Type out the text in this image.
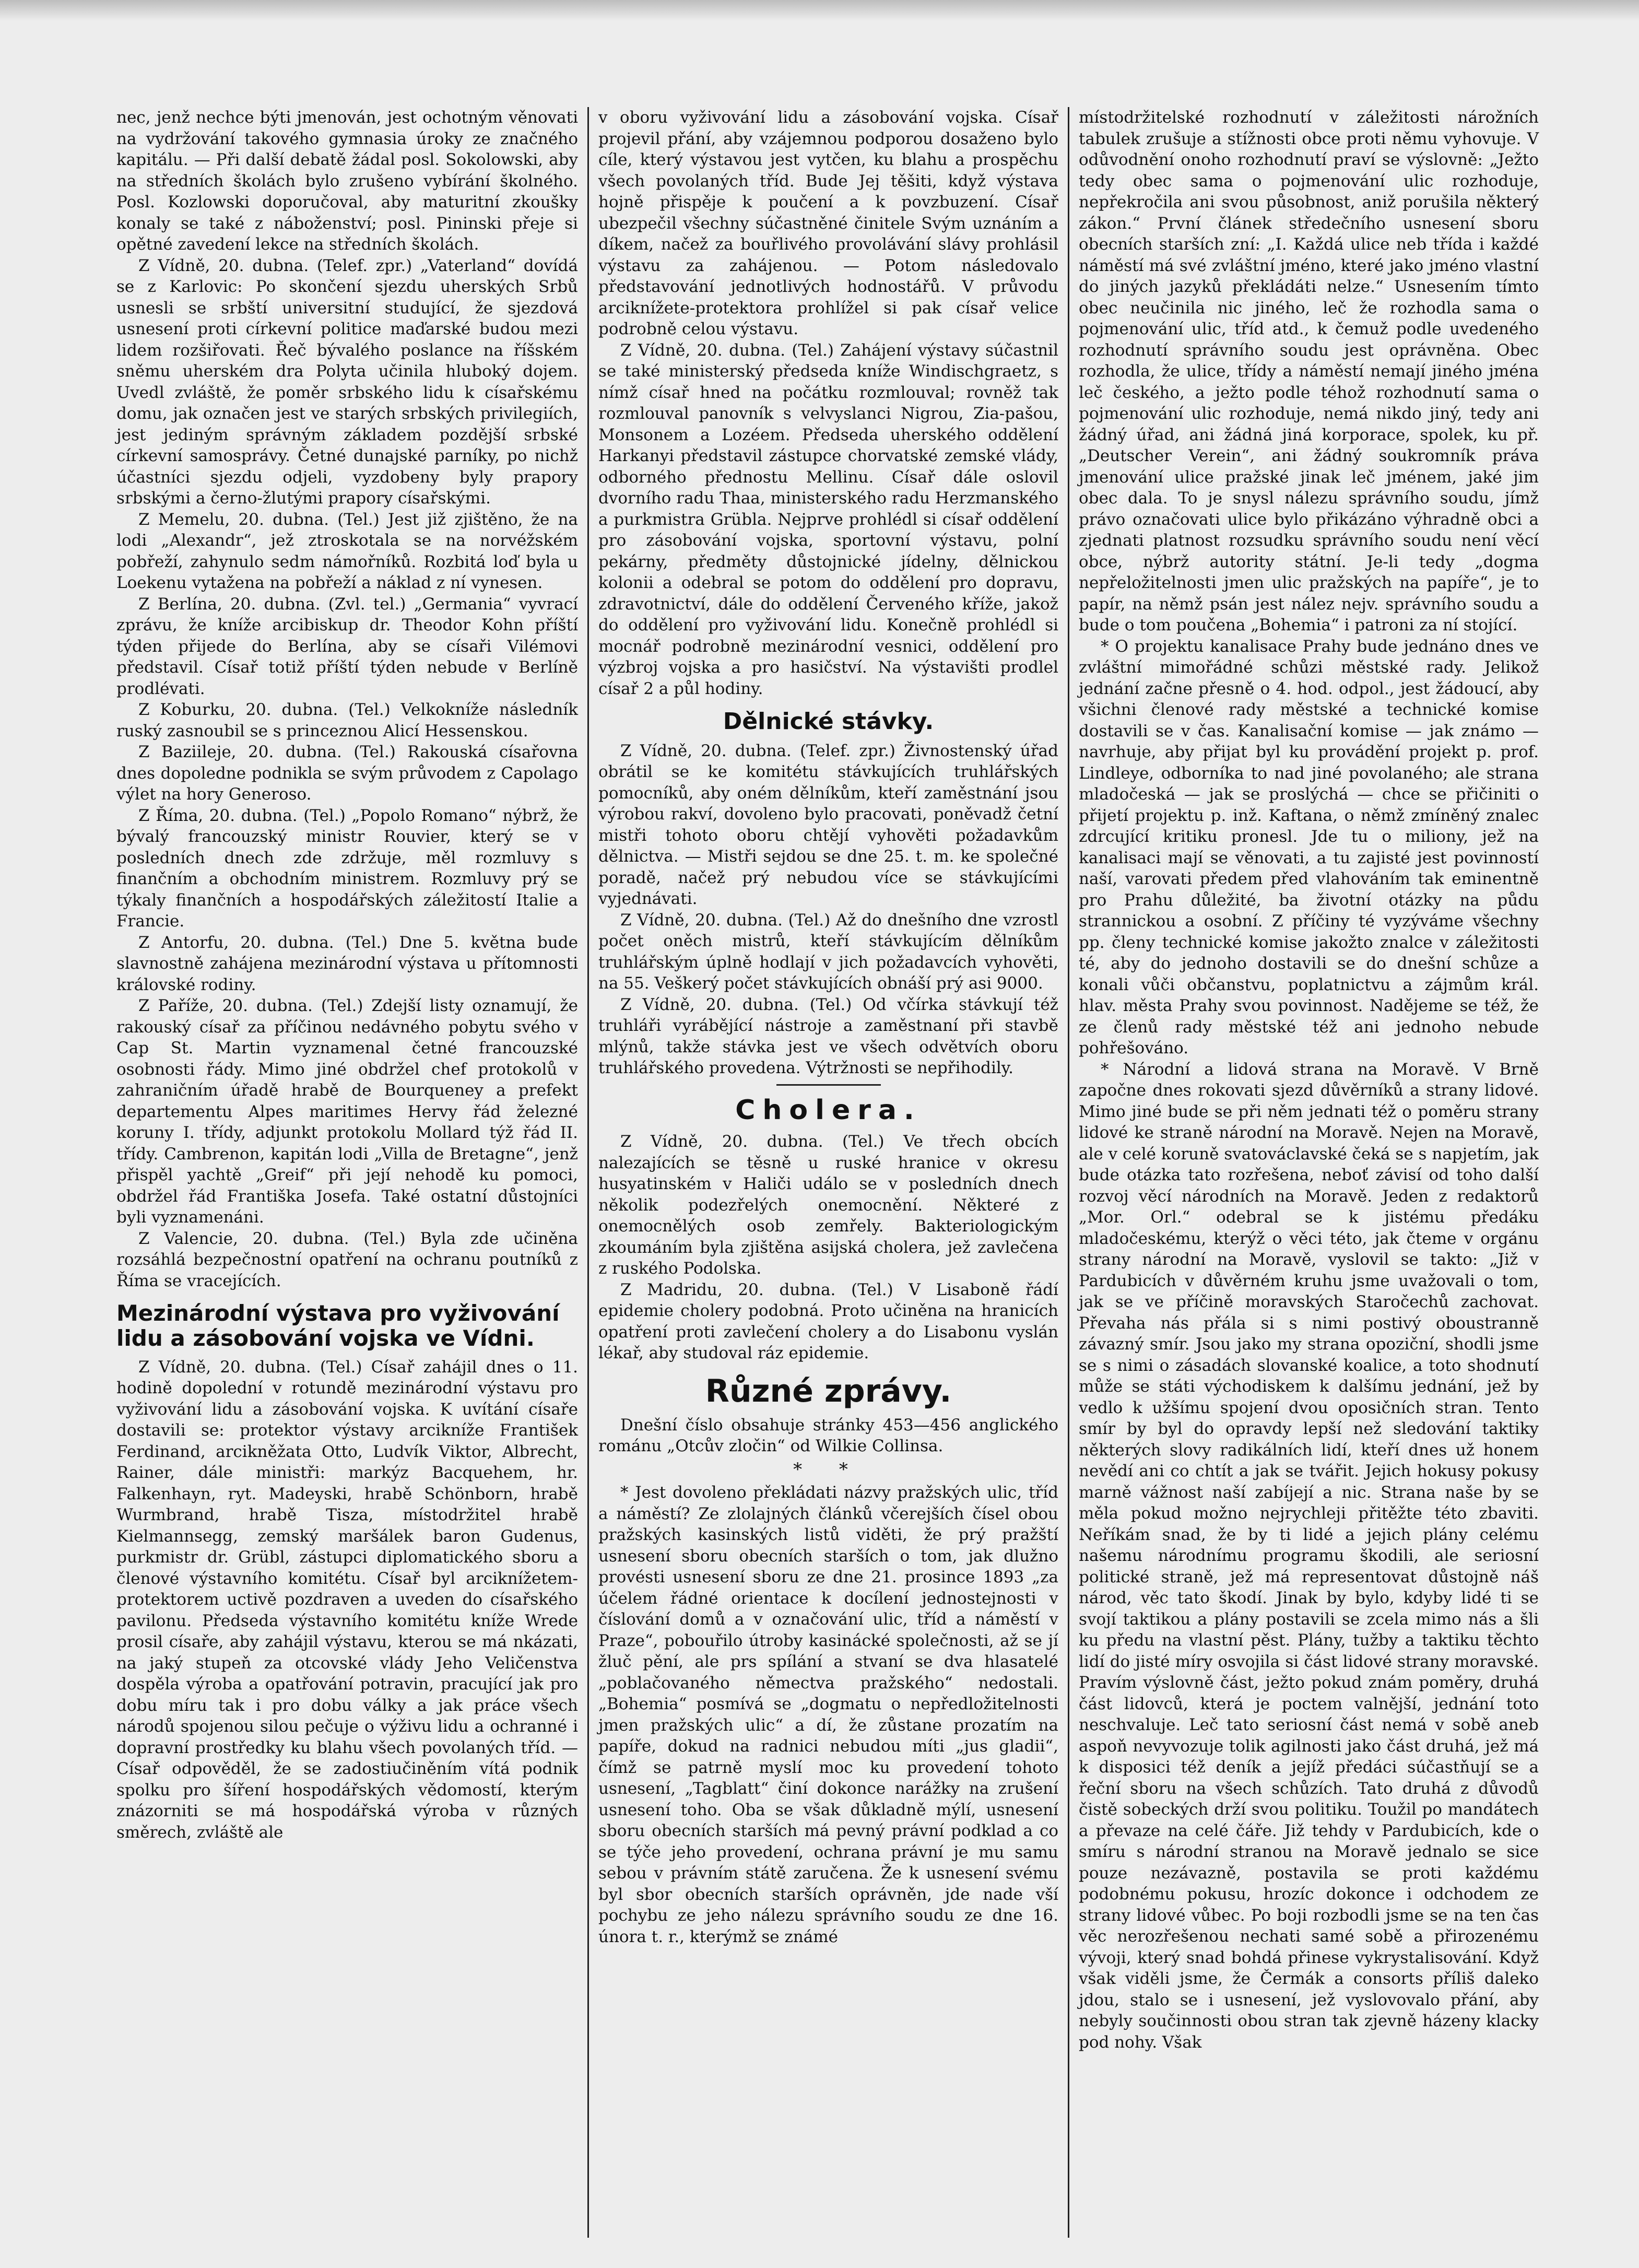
nec, jenž nechce býti jmenován, jest ochotným věnovati na vydržování takového gymnasia úroky ze značného kapitálu. — Při další debatě žádal posl. Sokolowski, aby na středních školách bylo zrušeno vybírání školného. Posl. Kozlowski doporučoval, aby maturitní zkoušky konaly se také z náboženství; posl. Pininski přeje si opětné zavedení lekce na středních školách.

Z Vídně, 20. dubna. (Telef. zpr.) „Vaterland“ dovídá se z Karlovic: Po skončení sjezdu uherských Srbů usnesli se srbští universitní studující, že sjezdová usnesení proti církevní politice maďarské budou mezi lidem rozšiřovati. Řeč bývalého poslance na říšském sněmu uherském dra Polyta učinila hluboký dojem. Uvedl zvláště, že poměr srbského lidu k císařskému domu, jak označen jest ve starých srbských privilegiích, jest jediným správným základem pozdější srbské církevní samosprávy. Četné dunajské parníky, po nichž účastníci sjezdu odjeli, vyzdobeny byly prapory srbskými a černo-žlutými prapory císařskými.

Z Memelu, 20. dubna. (Tel.) Jest již zjištěno, že na lodi „Alexandr“, jež ztroskotala se na norvéžském pobřeží, zahynulo sedm námořníků. Rozbitá loď byla u Loekenu vytažena na pobřeží a náklad z ní vynesen.

Z Berlína, 20. dubna. (Zvl. tel.) „Germania“ vyvrací zprávu, že kníže arcibiskup dr. Theodor Kohn příští týden přijede do Berlína, aby se císaři Vilémovi představil. Císař totiž příští týden nebude v Berlíně prodlévati.

Z Koburku, 20. dubna. (Tel.) Velkokníže následník ruský zasnoubil se s princeznou Alicí Hessenskou.

Z Baziileje, 20. dubna. (Tel.) Rakouská císařovna dnes dopoledne podnikla se svým průvodem z Capolago výlet na hory Generoso.

Z Říma, 20. dubna. (Tel.) „Popolo Romano“ nýbrž, že bývalý francouzský ministr Rouvier, který se v posledních dnech zde zdržuje, měl rozmluvy s finančním a obchodním ministrem. Rozmluvy prý se týkaly finančních a hospodářských záležitostí Italie a Francie.

Z Antorfu, 20. dubna. (Tel.) Dne 5. května bude slavnostně zahájena mezinárodní výstava u přítomnosti královské rodiny.

Z Paříže, 20. dubna. (Tel.) Zdejší listy oznamují, že rakouský císař za příčinou nedávného pobytu svého v Cap St. Martin vyznamenal četné francouzské osobnosti řády. Mimo jiné obdržel chef protokolů v zahraničním úřadě hrabě de Bourqueney a prefekt departementu Alpes maritimes Hervy řád železné koruny I. třídy, adjunkt protokolu Mollard týž řád II. třídy. Cambrenon, kapitán lodi „Villa de Bretagne“, jenž přispěl yachtě „Greif“ při její nehodě ku pomoci, obdržel řád Františka Josefa. Také ostatní důstojníci byli vyznamenáni.

Z Valencie, 20. dubna. (Tel.) Byla zde učiněna rozsáhlá bezpečnostní opatření na ochranu poutníků z Říma se vracejících.

Mezinárodní výstava pro vyživování lidu a zásobování vojska ve Vídni.

Z Vídně, 20. dubna. (Tel.) Císař zahájil dnes o 11. hodině dopolední v rotundě mezinárodní výstavu pro vyživování lidu a zásobování vojska. K uvítání císaře dostavili se: protektor výstavy arcikníže František Ferdinand, arcikněžata Otto, Ludvík Viktor, Albrecht, Rainer, dále ministři: markýz Bacquehem, hr. Falkenhayn, ryt. Madeyski, hrabě Schönborn, hrabě Wurmbrand, hrabě Tisza, místodržitel hrabě Kielmannsegg, zemský maršálek baron Gudenus, purkmistr dr. Grübl, zástupci diplomatického sboru a členové výstavního komitétu. Císař byl arciknížetem-protektorem uctivě pozdraven a uveden do císařského pavilonu. Předseda výstavního komitétu kníže Wrede prosil císaře, aby zahájil výstavu, kterou se má nkázati, na jaký stupeň za otcovské vlády Jeho Veličenstva dospěla výroba a opatřování potravin, pracující jak pro dobu míru tak i pro dobu války a jak práce všech národů spojenou silou pečuje o výživu lidu a ochranné i dopravní prostředky ku blahu všech povolaných tříd. — Císař odpověděl, že se zadostiučiněním vítá podnik spolku pro šíření hospodářských vědomostí, kterým znázorniti se má hospodářská výroba v různých směrech, zvláště ale

v oboru vyživování lidu a zásobování vojska. Císař projevil přání, aby vzájemnou podporou dosaženo bylo cíle, který výstavou jest vytčen, ku blahu a prospěchu všech povolaných tříd. Bude Jej těšiti, když výstava hojně přispěje k poučení a k povzbuzení. Císař ubezpečil všechny súčastněné činitele Svým uznáním a díkem, načež za bouřlivého provolávání slávy prohlásil výstavu za zahájenou. — Potom následovalo představování jednotlivých hodnostářů. V průvodu arciknížete-protektora prohlížel si pak císař velice podrobně celou výstavu.

Z Vídně, 20. dubna. (Tel.) Zahájení výstavy súčastnil se také ministerský předseda kníže Windischgraetz, s nímž císař hned na počátku rozmlouval; rovněž tak rozmlouval panovník s velvyslanci Nigrou, Zia-pašou, Monsonem a Lozéem. Předseda uherského oddělení Harkanyi představil zástupce chorvatské zemské vlády, odborného přednostu Mellinu. Císař dále oslovil dvorního radu Thaa, ministerského radu Herzmanského a purkmistra Grübla. Nejprve prohlédl si císař oddělení pro zásobování vojska, sportovní výstavu, polní pekárny, předměty důstojnické jídelny, dělnickou kolonii a odebral se potom do oddělení pro dopravu, zdravotnictví, dále do oddělení Červeného kříže, jakož do oddělení pro vyživování lidu. Konečně prohlédl si mocnář podrobně mezinárodní vesnici, oddělení pro výzbroj vojska a pro hasičství. Na výstavišti prodlel císař 2 a půl hodiny.

Dělnické stávky.

Z Vídně, 20. dubna. (Telef. zpr.) Živnostenský úřad obrátil se ke komitétu stávkujících truhlářských pomocníků, aby oném dělníkům, kteří zaměstnání jsou výrobou rakví, dovoleno bylo pracovati, poněvadž četní mistři tohoto oboru chtějí vyhověti požadavkům dělnictva. — Mistři sejdou se dne 25. t. m. ke společné poradě, načež prý nebudou více se stávkujícími vyjednávati.

Z Vídně, 20. dubna. (Tel.) Až do dnešního dne vzrostl počet oněch mistrů, kteří stávkujícím dělníkům truhlářským úplně hodlají v jich požadavcích vyhověti, na 55. Veškerý počet stávkujících obnáší prý asi 9000.

Z Vídně, 20. dubna. (Tel.) Od včírka stávkují též truhláři vyrábějící nástroje a zaměstnaní při stavbě mlýnů, takže stávka jest ve všech odvětvích oboru truhlářského provedena. Výtržnosti se nepřihodily.

Cholera.

Z Vídně, 20. dubna. (Tel.) Ve třech obcích nalezajících se těsně u ruské hranice v okresu husyatinském v Haliči událo se v posledních dnech několik podezřelých onemocnění. Některé z onemocnělých osob zemřely. Bakteriologickým zkoumáním byla zjištěna asijská cholera, jež zavlečena z ruského Podolska.

Z Madridu, 20. dubna. (Tel.) V Lisaboně řádí epidemie cholery podobná. Proto učiněna na hranicích opatření proti zavlečení cholery a do Lisabonu vyslán lékař, aby studoval ráz epidemie.

Různé zprávy.

Dnešní číslo obsahuje stránky 453—456 anglického románu „Otcův zločin“ od Wilkie Collinsa.

* *

* Jest dovoleno překládati názvy pražských ulic, tříd a náměstí? Ze zlolajných článků včerejších čísel obou pražských kasinských listů viděti, že prý pražští usnesení sboru obecních starších o tom, jak dlužno provésti usnesení sboru ze dne 21. prosince 1893 „za účelem řádné orientace k docílení jednostejnosti v číslování domů a v označování ulic, tříd a náměstí v Praze“, pobouřilo útroby kasinácké společnosti, až se jí žluč pění, ale prs spílání a stvaní se dva hlasatelé „poblačovaného němectva pražského“ nedostali. „Bohemia“ posmívá se „dogmatu o nepředložitelnosti jmen pražských ulic“ a dí, že zůstane prozatím na papíře, dokud na radnici nebudou míti „jus gladii“, čímž se patrně myslí moc ku provedení tohoto usnesení, „Tagblatt“ činí dokonce narážky na zrušení usnesení toho. Oba se však důkladně mýlí, usnesení sboru obecních starších má pevný právní podklad a co se týče jeho provedení, ochrana právní je mu samu sebou v právním státě zaručena. Že k usnesení svému byl sbor obecních starších oprávněn, jde nade vší pochybu ze jeho nálezu správního soudu ze dne 16. února t. r., kterýmž se známé

místodržitelské rozhodnutí v záležitosti nárožních tabulek zrušuje a stížnosti obce proti němu vyhovuje. V odůvodnění onoho rozhodnutí praví se výslovně: „Ježto tedy obec sama o pojmenování ulic rozhoduje, nepřekročila ani svou působnost, aniž porušila některý zákon.“ První článek středečního usnesení sboru obecních starších zní: „I. Každá ulice neb třída i každé náměstí má své zvláštní jméno, které jako jméno vlastní do jiných jazyků překládáti nelze.“ Usnesením tímto obec neučinila nic jiného, leč že rozhodla sama o pojmenování ulic, tříd atd., k čemuž podle uvedeného rozhodnutí správního soudu jest oprávněna. Obec rozhodla, že ulice, třídy a náměstí nemají jiného jména leč českého, a ježto podle téhož rozhodnutí sama o pojmenování ulic rozhoduje, nemá nikdo jiný, tedy ani žádný úřad, ani žádná jiná korporace, spolek, ku př. „Deutscher Verein“, ani žádný soukromník práva jmenování ulice pražské jinak leč jménem, jaké jim obec dala. To je snysl nálezu správního soudu, jímž právo označovati ulice bylo přikázáno výhradně obci a zjednati platnost rozsudku správního soudu není věcí obce, nýbrž autority státní. Je-li tedy „dogma nepřeložitelnosti jmen ulic pražských na papíře“, je to papír, na němž psán jest nález nejv. správního soudu a bude o tom poučena „Bohemia“ i patroni za ní stojící.

* O projektu kanalisace Prahy bude jednáno dnes ve zvláštní mimořádné schůzi městské rady. Jelikož jednání začne přesně o 4. hod. odpol., jest žádoucí, aby všichni členové rady městské a technické komise dostavili se v čas. Kanalisační komise — jak známo — navrhuje, aby přijat byl ku provádění projekt p. prof. Lindleye, odborníka to nad jiné povolaného; ale strana mladočeská — jak se proslýchá — chce se přičiniti o přijetí projektu p. inž. Kaftana, o němž zmíněný znalec zdrcující kritiku pronesl. Jde tu o miliony, jež na kanalisaci mají se věnovati, a tu zajisté jest povinností naší, varovati předem před vlahováním tak eminentně pro Prahu důležité, ba životní otázky na půdu strannickou a osobní. Z příčiny té vyzýváme všechny pp. členy technické komise jakožto znalce v záležitosti té, aby do jednoho dostavili se do dnešní schůze a konali vůči občanstvu, poplatnictvu a zájmům král. hlav. města Prahy svou povinnost. Nadějeme se též, že ze členů rady městské též ani jednoho nebude pohřešováno.

* Národní a lidová strana na Moravě. V Brně započne dnes rokovati sjezd důvěrníků a strany lidové. Mimo jiné bude se při něm jednati též o poměru strany lidové ke straně národní na Moravě. Nejen na Moravě, ale v celé koruně svatováclavské čeká se s napjetím, jak bude otázka tato rozřešena, neboť závisí od toho další rozvoj věcí národních na Moravě. Jeden z redaktorů „Mor. Orl.“ odebral se k jistému předáku mladočeskému, kterýž o věci této, jak čteme v orgánu strany národní na Moravě, vyslovil se takto: „Již v Pardubicích v důvěrném kruhu jsme uvažovali o tom, jak se ve příčině moravských Staročechů zachovat. Převaha nás přála si s nimi postivý oboustranně závazný smír. Jsou jako my strana opoziční, shodli jsme se s nimi o zásadách slovanské koalice, a toto shodnutí může se státi východiskem k dalšímu jednání, jež by vedlo k užšímu spojení dvou oposičních stran. Tento smír by byl do opravdy lepší než sledování taktiky některých slovy radikálních lidí, kteří dnes už honem nevědí ani co chtít a jak se tvářit. Jejich hokusy pokusy marně vážnost naší zabíjejí a nic. Strana naše by se měla pokud možno nejrychleji přitěžte této zbaviti. Neříkám snad, že by ti lidé a jejich plány celému našemu národnímu programu škodili, ale seriosní politické straně, jež má representovat důstojně náš národ, věc tato škodí. Jinak by bylo, kdyby lidé ti se svojí taktikou a plány postavili se zcela mimo nás a šli ku předu na vlastní pěst. Plány, tužby a taktiku těchto lidí do jisté míry osvojila si část lidové strany moravské. Pravím výslovně část, ježto pokud znám poměry, druhá část lidovců, která je poctem valnější, jednání toto neschvaluje. Leč tato seriosní část nemá v sobě aneb aspoň nevyvozuje tolik agilnosti jako část druhá, jež má k disposici též deník a jejíž předáci súčastňují se a řeční sboru na všech schůzích. Tato druhá z důvodů čistě sobeckých drží svou politiku. Toužil po mandátech a převaze na celé čáře. Již tehdy v Pardubicích, kde o smíru s národní stranou na Moravě jednalo se sice pouze nezávazně, postavila se proti každému podobnému pokusu, hrozíc dokonce i odchodem ze strany lidové vůbec. Po boji rozbodli jsme se na ten čas věc nerozřešenou nechati samé sobě a přirozenému vývoji, který snad bohdá přinese vykrystalisování. Když však viděli jsme, že Čermák a consorts příliš daleko jdou, stalo se i usnesení, jež vyslovovalo přání, aby nebyly součinnosti obou stran tak zjevně házeny klacky pod nohy. Však
